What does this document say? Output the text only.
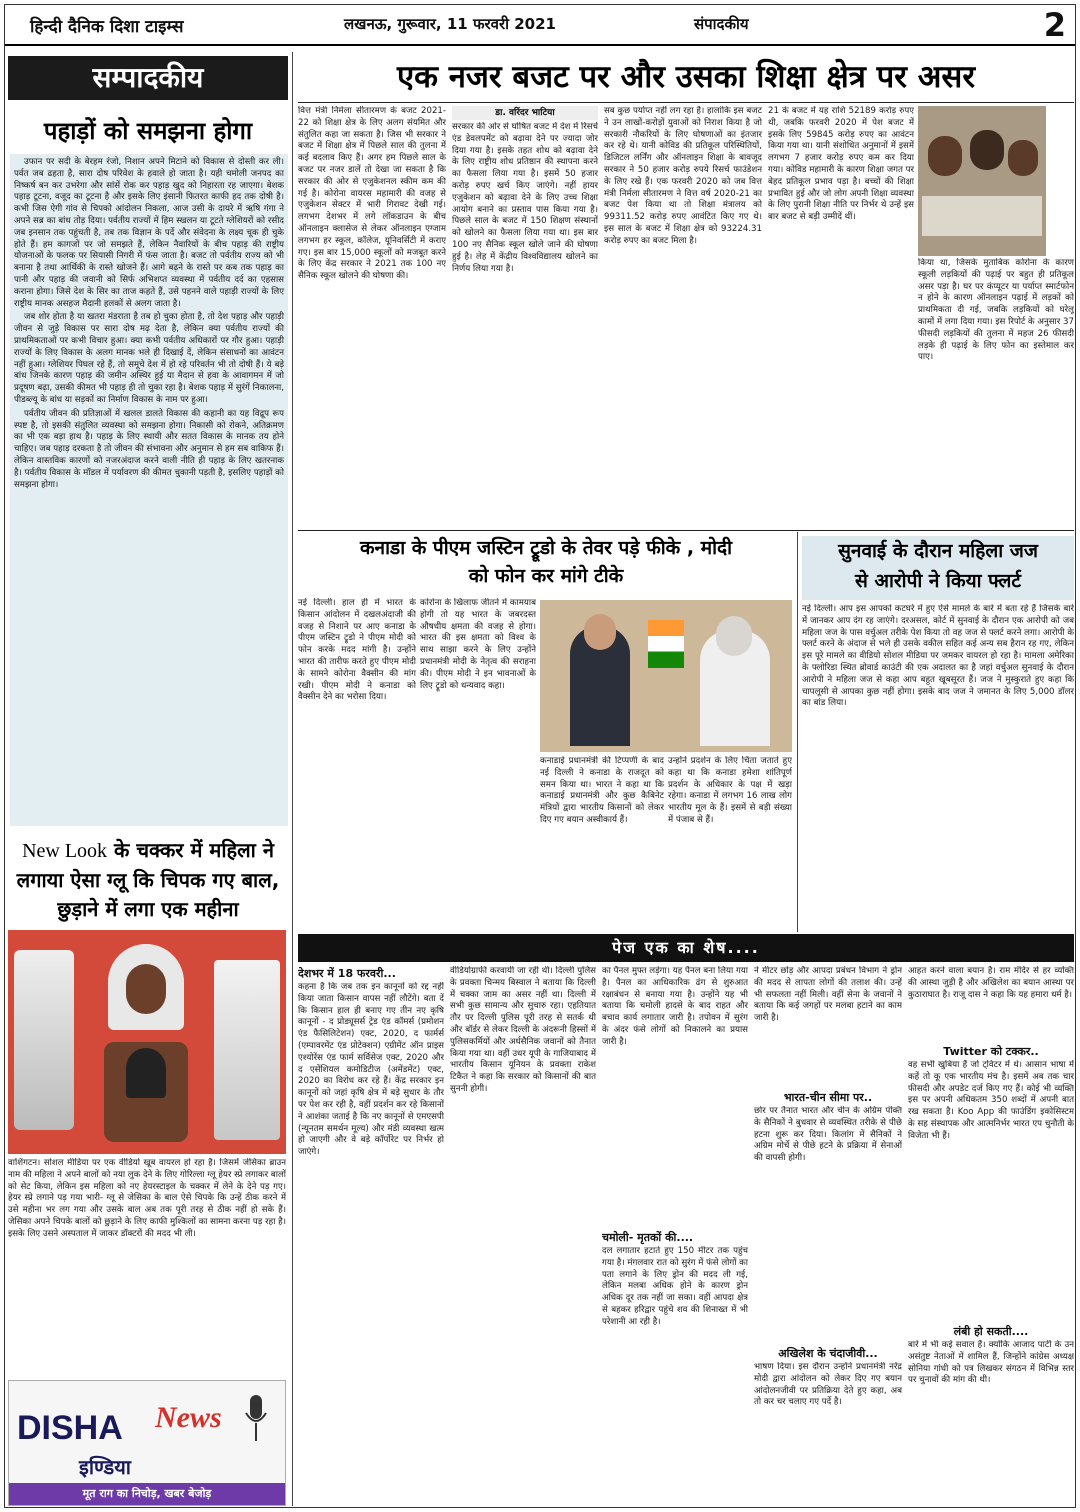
हिन्दी दैनिक दिशा टाइम्स	लखनऊ, गुरूवार, 11 फरवरी 2021	संपादकीय	2
सम्पादकीय
पहाड़ों को समझना होगा

उफान पर सदी के बेरहम रंजो, निशान अपने मिटाने को विकास से दोस्ती कर ली। पर्वत जब ढहता है, सारा दोष परिवेश के हवाले हो जाता है। यही चमोली जनपद का निष्कर्ष बन कर उभरेगा और सांसें रोक कर पहाड़ खुद को निहारता रह जाएगा। बेशक पहाड़ टूटना, वजूद का टूटना है और इसके लिए इंसानी फितरत काफी हद तक दोषी है। कभी जिस ऐगी गांव से चिपको आंदोलन निकला, आज उसी के दायरे में ऋषि गंगा ने अपने सब्र का बांध तोड़ दिया। पर्वतीय राज्यों में हिम स्खलन या टूटते ग्लेशियरों को रसीद जब इनसान तक पहुंचती है, तब तक विज्ञान के पर्दे और संवेदना के लक्ष्य चूक ही चुके होते हैं। हम कागजों पर जो समझते हैं, लेकिन नैवारियों के बीच पहाड़ की राष्ट्रीय योजनाओं के फलक पर सियासी निगरी में फंस जाता है। बजट तो पर्वतीय राज्य को भी बनाना है तथा आर्थिकी के रास्ते खोजने हैं। आगे बढ़ने के रास्ते पर कब तक पहाड़ का पानी और पहाड़ की जवानी को सिर्फ अभिशप्त व्यवस्था में पर्वतीय दर्द का एहसास कराना होगा। जिसे देश के सिर का ताज कहते हैं, उसे पहनने वाले पहाड़ी राज्यों के लिए राष्ट्रीय मानक असहज मैदानी हलकों से अलग जाता है।

जब शोर होता है या खतरा मंडराता है तब हो चुका होता है, तो देश पहाड़ और पहाड़ी जीवन से जुड़े विकास पर सारा दोष मढ़ देता है, लेकिन क्या पर्वतीय राज्यों की प्राथमिकताओं पर कभी विचार हुआ। क्या कभी पर्वतीय अधिकारों पर गौर हुआ। पहाड़ी राज्यों के लिए विकास के अलग मानक भले ही दिखाई दें, लेकिन संसाधनों का आवंटन नहीं हुआ। ग्लेशियर पिघल रहे हैं, तो समूचे देश में हो रहे परिवर्तन भी तो दोषी हैं। ये बड़े बांध जिनके कारण पहाड़ की जमीन अस्थिर हुई या मैदान से हवा के आवागमन में जो प्रदूषण बढ़ा, उसकी कीमत भी पहाड़ ही तो चुका रहा है। बेशक पहाड़ में सुरंगें निकालना, पीडब्ल्यू के बांध या सड़कों का निर्माण विकास के नाम पर हुआ।

पर्वतीय जीवन की प्रतिज्ञाओं में खलल डालते विकास की कहानी का यह विद्रूप रूप स्पष्ट है, तो इसकी संतुलित व्यवस्था को समझना होगा। निकासी को रोकने, अतिक्रमण का भी एक बड़ा हाथ है। पहाड़ के लिए स्थायी और सतत विकास के मानक तय होने चाहिए। जब पहाड़ दरकता है तो जीवन की संभावना और अनुमान से हम सब वाकिफ हैं। लेकिन वास्तविक कारणों को नजरअंदाज करने वाली नीति ही पहाड़ के लिए खतरनाक है। पर्वतीय विकास के मॉडल में पर्यावरण की कीमत चुकानी पड़ती है, इसलिए पहाड़ों को समझना होगा।

New Look के चक्कर में महिला ने लगाया ऐसा ग्लू कि चिपक गए बाल, छुड़ाने में लगा एक महीना
वाशिंगटन। सोशल मीडिया पर एक वीडियो खूब वायरल हो रहा है। जिसमें जेसिका ब्राउन नाम की महिला ने अपने बालों को नया लुक देने के लिए गोरिल्ला ग्लू हेयर स्प्रे लगाकर बालों को सेट किया, लेकिन इस महिला को नए हेयरस्टाइल के चक्कर में लेने के देने पड़ गए। हेयर स्प्रे लगाने पड़ गया भारी- ग्लू से जेसिका के बाल ऐसे चिपके कि उन्हें ठीक करने में उसे महीना भर लग गया और उसके बाल अब तक पूरी तरह से ठीक नहीं हो सके हैं। जेसिका अपने चिपके बालों को छुड़ाने के लिए काफी मुश्किलों का सामना करना पड़ रहा है। इसके लिए उसने अस्पताल में जाकर डॉक्टरों की मदद भी ली।
DISHA News
इण्डिया
मूत राग का निचोड़, खबर बेजोड़
एक नजर बजट पर और उसका शिक्षा क्षेत्र पर असर
वित्त मंत्री निर्मला सीतारमण के बजट 2021-22 को शिक्षा क्षेत्र के लिए अलग संयमित और संतुलित कहा जा सकता है। जिस भी सरकार ने बजट में शिक्षा क्षेत्र में पिछले साल की तुलना में कई बदलाव किए हैं। अगर हम पिछले साल के बजट पर नजर डालें तो देखा जा सकता है कि सरकार की ओर से एजुकेशनल स्कीम कम की गई है। कोरोना वायरस महामारी की वजह से एजुकेशन सेक्टर में भारी गिरावट देखी गई। लगभग देशभर में लगे लॉकडाउन के बीच ऑनलाइन क्लासेज से लेकर ऑनलाइन एग्जाम लगभग हर स्कूल, कॉलेज, यूनिवर्सिटी में कराए गए। इस बार 15,000 स्कूलों को मजबूत करने के लिए केंद्र सरकार ने 2021 तक 100 नए सैनिक स्कूल खोलने की घोषणा की।
डा. वरिंदर भाटिया
सरकार की ओर से घोषित बजट में देश में रिसर्च एंड डेवलपमेंट को बढ़ावा देने पर ज्यादा जोर दिया गया है। इसके तहत शोध को बढ़ावा देने के लिए राष्ट्रीय शोध प्रतिष्ठान की स्थापना करने का फैसला लिया गया है। इसमें 50 हजार करोड़ रुपए खर्च किए जाएंगे। नहीं हायर एजुकेशन को बढ़ावा देने के लिए उच्च शिक्षा आयोग बनाने का प्रस्ताव पास किया गया है। पिछले साल के बजट में 150 शिक्षण संस्थानों को खोलने का फैसला लिया गया था। इस बार 100 नए सैनिक स्कूल खोले जाने की घोषणा हुई है। लेह में केंद्रीय विश्वविद्यालय खोलने का निर्णय लिया गया है।
सब कुछ पर्याप्त नहीं लग रहा है। हालांकि इस बजट ने उन लाखों-करोड़ों युवाओं को निराश किया है जो सरकारी नौकरियों के लिए घोषणाओं का इंतजार कर रहे थे। यानी कोविड की प्रतिकूल परिस्थितियों, डिजिटल लर्निंग और ऑनलाइन शिक्षा के बावजूद सरकार ने 50 हजार करोड़ रुपये रिसर्च फाउंडेशन के लिए रखे हैं। एक फरवरी 2020 को जब वित्त मंत्री निर्मला सीतारमण ने वित्त वर्ष 2020-21 का बजट पेश किया था तो शिक्षा मंत्रालय को 99311.52 करोड़ रुपए आवंटित किए गए थे। इस साल के बजट में शिक्षा क्षेत्र को 93224.31 करोड़ रुपए का बजट मिला है।
21 के बजट में यह राशि 52189 करोड़ रुपए थी, जबकि फरवरी 2020 में पेश बजट में इसके लिए 59845 करोड़ रुपए का आवंटन किया गया था। यानी संशोधित अनुमानों में इसमें लगभग 7 हजार करोड़ रुपए कम कर दिया गया। कोविड महामारी के कारण शिक्षा जगत पर बेहद प्रतिकूल प्रभाव पड़ा है। बच्चों की शिक्षा प्रभावित हुई और जो लोग अपनी शिक्षा व्यवस्था के लिए पुरानी शिक्षा नीति पर निर्भर थे उन्हें इस बार बजट से बड़ी उम्मीदें थीं।
किया था, जिसके मुताबिक कोरोना के कारण स्कूली लड़कियों की पढ़ाई पर बहुत ही प्रतिकूल असर पड़ा है। घर पर कंप्यूटर या पर्याप्त स्मार्टफोन न होने के कारण ऑनलाइन पढ़ाई में लड़कों को प्राथमिकता दी गई, जबकि लड़कियों को घरेलू कामों में लगा दिया गया। इस रिपोर्ट के अनुसार 37 फीसदी लड़कियों की तुलना में महज 26 फीसदी लड़के ही पढ़ाई के लिए फोन का इस्तेमाल कर पाए।
कनाडा के पीएम जस्टिन ट्रूडो के तेवर पड़े फीके , मोदी
को फोन कर मांगे टीके
नई दिल्ली। हाल ही में भारत के किसान आंदोलन में दखलअंदाजी की वजह से निशाने पर आए कनाडा के पीएम जस्टिन ट्रूडो ने पीएम मोदी को फोन करके मदद मांगी है। उन्होंने भारत की तारीफ करते हुए पीएम मोदी के सामने कोरोना वैक्सीन की मांग रखी। पीएम मोदी ने कनाडा को वैक्सीन देने का भरोसा दिया।
कोरोना के खिलाफ जीतने में कामयाब होगी तो यह भारत के जबरदस्त औषधीय क्षमता की वजह से होगा। भारत की इस क्षमता को विश्व के साथ साझा करने के लिए उन्होंने प्रधानमंत्री मोदी के नेतृत्व की सराहना की। पीएम मोदी ने इन भावनाओं के लिए ट्रूडो को धन्यवाद कहा।
कनाडाई प्रधानमंत्री की टिप्पणी के बाद नई दिल्ली ने कनाडा के राजदूत को समन किया था। भारत ने कहा था कि कनाडाई प्रधानमंत्री और कुछ कैबिनेट मंत्रियों द्वारा भारतीय किसानों को लेकर दिए गए बयान अस्वीकार्य हैं।
उन्होंने प्रदर्शन के लिए चिंता जताते हुए कहा था कि कनाडा हमेशा शांतिपूर्ण प्रदर्शन के अधिकार के पक्ष में खड़ा रहेगा। कनाडा में लगभग 16 लाख लोग भारतीय मूल के हैं। इसमें से बड़ी संख्या में पंजाब से हैं।
सुनवाई के दौरान महिला जज
से आरोपी ने किया फ्लर्ट
नई दिल्ली। आप इस आपको कटघरे में हुए ऐसे मामले के बारे में बता रहे हैं जिसके बारे में जानकर आप दंग रह जाएंगे। दरअसल, कोर्ट में सुनवाई के दौरान एक आरोपी को जब महिला जज के पास वर्चुअल तरीके पेश किया तो वह जज से फ्लर्ट करने लगा। आरोपी के फ्लर्ट करने के अंदाज से भले ही उसके वकील सहित कई अन्य सब हैरान रह गए, लेकिन इस पूरे मामले का वीडियो सोशल मीडिया पर जमकर वायरल हो रहा है। मामला अमेरिका के फ्लोरिडा स्थित ब्रोवार्ड काउंटी की एक अदालत का है जहां वर्चुअल सुनवाई के दौरान आरोपी ने महिला जज से कहा आप बहुत खूबसूरत हैं। जज ने मुस्कुराते हुए कहा कि चापलूसी से आपका कुछ नहीं होगा। इसके बाद जज ने जमानत के लिए 5,000 डॉलर का बांड लिया।
पेज एक का शेष....
देशभर में 18 फरवरी...
कहना है कि जब तक इन कानूनों को रद्द नहीं किया जाता किसान वापस नहीं लौटेंगे। बता दें कि किसान हाल ही बनाए गए तीन नए कृषि कानूनों - द प्रोड्यूसर्स ट्रेड एंड कॉमर्स (प्रमोशन एंड फैसिलिटेशन) एक्ट, 2020, द फार्मर्स (एम्पावरमेंट एंड प्रोटेक्शन) एग्रीमेंट ऑन प्राइस एश्योरेंस एंड फार्म सर्विसेज एक्ट, 2020 और द एसेंशियल कमोडिटीज (अमेंडमेंट) एक्ट, 2020 का विरोध कर रहे हैं। केंद्र सरकार इन कानूनों को जहां कृषि क्षेत्र में बड़े सुधार के तौर पर पेश कर रही है, वहीं प्रदर्शन कर रहे किसानों ने आशंका जताई है कि नए कानूनों से एमएसपी (न्यूनतम समर्थन मूल्य) और मंडी व्यवस्था खत्म हो जाएगी और वे बड़े कॉर्पोरेट पर निर्भर हो जाएंगे।
वीडियोग्राफी करवायी जा रही थी। दिल्ली पुलिस के प्रवक्ता चिन्मय बिस्वाल ने बताया कि दिल्ली में चक्का जाम का असर नहीं था। दिल्ली में सभी कुछ सामान्य और सुचारु रहा। एहतियात तौर पर दिल्ली पुलिस पूरी तरह से सतर्क थी और बॉर्डर से लेकर दिल्ली के अंदरूनी हिस्सों में पुलिसकर्मियों और अर्धसैनिक जवानों को तैनात किया गया था। वहीं उधर यूपी के गाजियाबाद में भारतीय किसान यूनियन के प्रवक्ता राकेश टिकैत ने कहा कि सरकार को किसानों की बात सुननी होगी।
का पैनल मुफ्त लड़ेगा। यह पैनल बना लिया गया है। पैनल का आधिकारिक ढंग से शुरुआत रक्षाबंधन से बनाया गया है। उन्होंने यह भी बताया कि चमोली हादसे के बाद राहत और बचाव कार्य लगातार जारी है। तपोवन में सुरंग के अंदर फंसे लोगों को निकालने का प्रयास जारी है।
चमोली- मृतकों की....
दल लगातार हटाते हुए 150 मीटर तक पहुंच गया है। मंगलवार रात को सुरंग में फंसे लोगों का पता लगाने के लिए ड्रोन की मदद ली गई, लेकिन मलबा अधिक होने के कारण ड्रोन अधिक दूर तक नहीं जा सका। वहीं आपदा क्षेत्र से बहकर हरिद्वार पहुंचे शव की शिनाख्त में भी परेशानी आ रही है।
ने मीटर छोड़ और आपदा प्रबंधन विभाग ने ड्रोन की मदद से लापता लोगों की तलाश की। उन्हें भी सफलता नहीं मिली। वहीं सेना के जवानों ने बताया कि कई जगहों पर मलबा हटाने का काम जारी है।
भारत-चीन सीमा पर..
छोर पर तैनात भारत और चीन के अग्रिम पंक्ति के सैनिकों ने बुधवार से व्यवस्थित तरीके से पीछे हटना शुरू कर दिया। किलांग में सैनिकों ने अग्रिम मोर्चे से पीछे हटने के प्रक्रिया में सेनाओं की वापसी होगी।
अखिलेश के चंदाजीवी...
भाषण दिया। इस दौरान उन्होंने प्रधानमंत्री नरेंद्र मोदी द्वारा आंदोलन को लेकर दिए गए बयान आंदोलनजीवी पर प्रतिक्रिया देते हुए कहा, अब तो कर चर चलाए गए पर्दे है।
आहत करने वाला बयान है। राम मंदिर से हर व्यक्ति की आस्था जुड़ी है और अखिलेश का बयान आस्था पर कुठाराघात है। राजू दास ने कहा कि यह हमारा धर्म है।
Twitter को टक्कर..
वह सभी खुबिया हैं जो ट्विटर में थे। आसान भाषा में कहें तो कू एक भारतीय मंच है। इसमें अब तक चार फीसदी और अपडेट दर्ज किए गए हैं। कोई भी व्यक्ति इस पर अपनी अधिकतम 350 शब्दों में अपनी बात रख सकता है। Koo App की फाउंडिंग इकोसिस्टम के सह संस्थापक और आत्मनिर्भर भारत एप चुनौती के विजेता भी हैं।
लंबी हो सकती....
बारे में भी कई सवाल हैं। क्योंकि आजाद पार्टी के उन असंतुष्ट नेताओं में शामिल हैं, जिन्होंने कांग्रेस अध्यक्ष सोनिया गांधी को पत्र लिखकर संगठन में विभिन्न स्तर पर चुनावों की मांग की थी।
